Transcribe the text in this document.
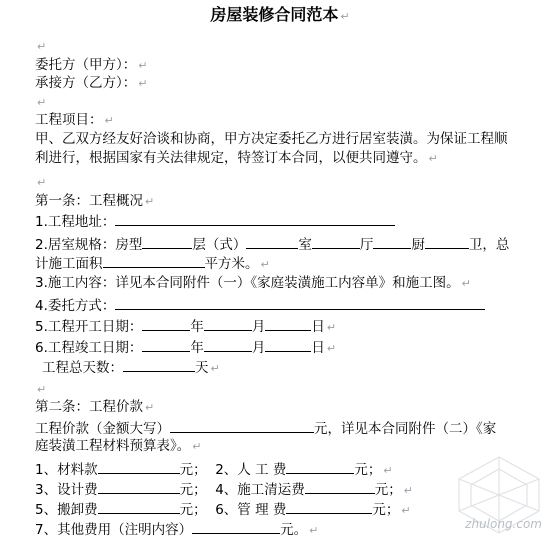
房屋装修合同范本 ↵
↵
委托方（甲方）： ↵
承接方（乙方）： ↵
↵
工程项目： ↵
甲、乙双方经友好洽谈和协商，甲方决定委托乙方进行居室装潢。为保证工程顺
利进行，根据国家有关法律规定，特签订本合同，以便共同遵守。 ↵
↵
第一条：工程概况 ↵
1.工程地址：
2.居室规格：房型	层（式）	室	厅	厨	卫，总
计施工面积	平方米。 ↵
3.施工内容：详见本合同附件（一）《家庭装潢施工内容单》和施工图。 ↵
4.委托方式：
5.工程开工日期：	年	月	日 ↵
6.工程竣工日期：	年	月	日 ↵
工程总天数：	天 ↵
↵
第二条：工程价款 ↵
工程价款（金额大写）	元，详见本合同附件（二）《家
庭装潢工程材料预算表》。 ↵
1、材料款	元； 2、人 工 费	元； ↵
3、设计费	元； 4、施工清运费	元； ↵
5、搬卸费	元； 6、管 理 费	元； ↵
7、其他费用（注明内容）	元。 ↵	zhulong.com
